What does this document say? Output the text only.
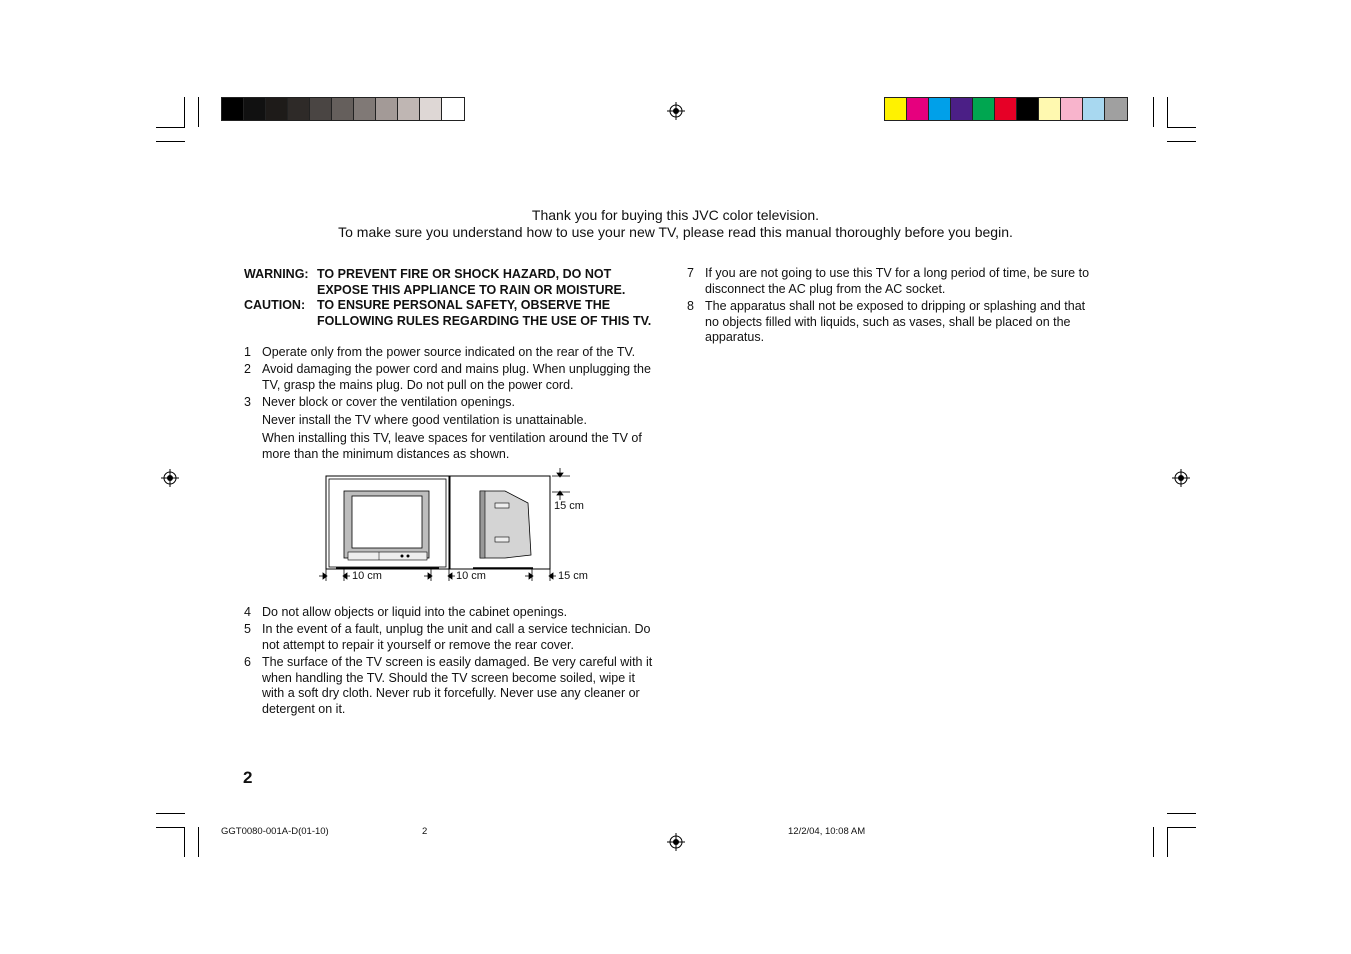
Thank you for buying this JVC color television.
To make sure you understand how to use your new TV, please read this manual thoroughly before you begin.
WARNING: TO PREVENT FIRE OR SHOCK HAZARD, DO NOT
EXPOSE THIS APPLIANCE TO RAIN OR MOISTURE.
CAUTION: TO ENSURE PERSONAL SAFETY, OBSERVE THE
FOLLOWING RULES REGARDING THE USE OF THIS TV.
1 Operate only from the power source indicated on the rear of the TV.
2 Avoid damaging the power cord and mains plug. When unplugging the
TV, grasp the mains plug. Do not pull on the power cord.
3 Never block or cover the ventilation openings.
Never install the TV where good ventilation is unattainable.
When installing this TV, leave spaces for ventilation around the TV of
more than the minimum distances as shown.
15 cm
10 cm	10 cm	15 cm
4 Do not allow objects or liquid into the cabinet openings.
5 In the event of a fault, unplug the unit and call a service technician. Do
not attempt to repair it yourself or remove the rear cover.
6 The surface of the TV screen is easily damaged. Be very careful with it
when handling the TV. Should the TV screen become soiled, wipe it
with a soft dry cloth. Never rub it forcefully. Never use any cleaner or
detergent on it.
7 If you are not going to use this TV for a long period of time, be sure to
disconnect the AC plug from the AC socket.
8 The apparatus shall not be exposed to dripping or splashing and that
no objects filled with liquids, such as vases, shall be placed on the
apparatus.
2
GGT0080-001A-D(01-10)	2	12/2/04, 10:08 AM
